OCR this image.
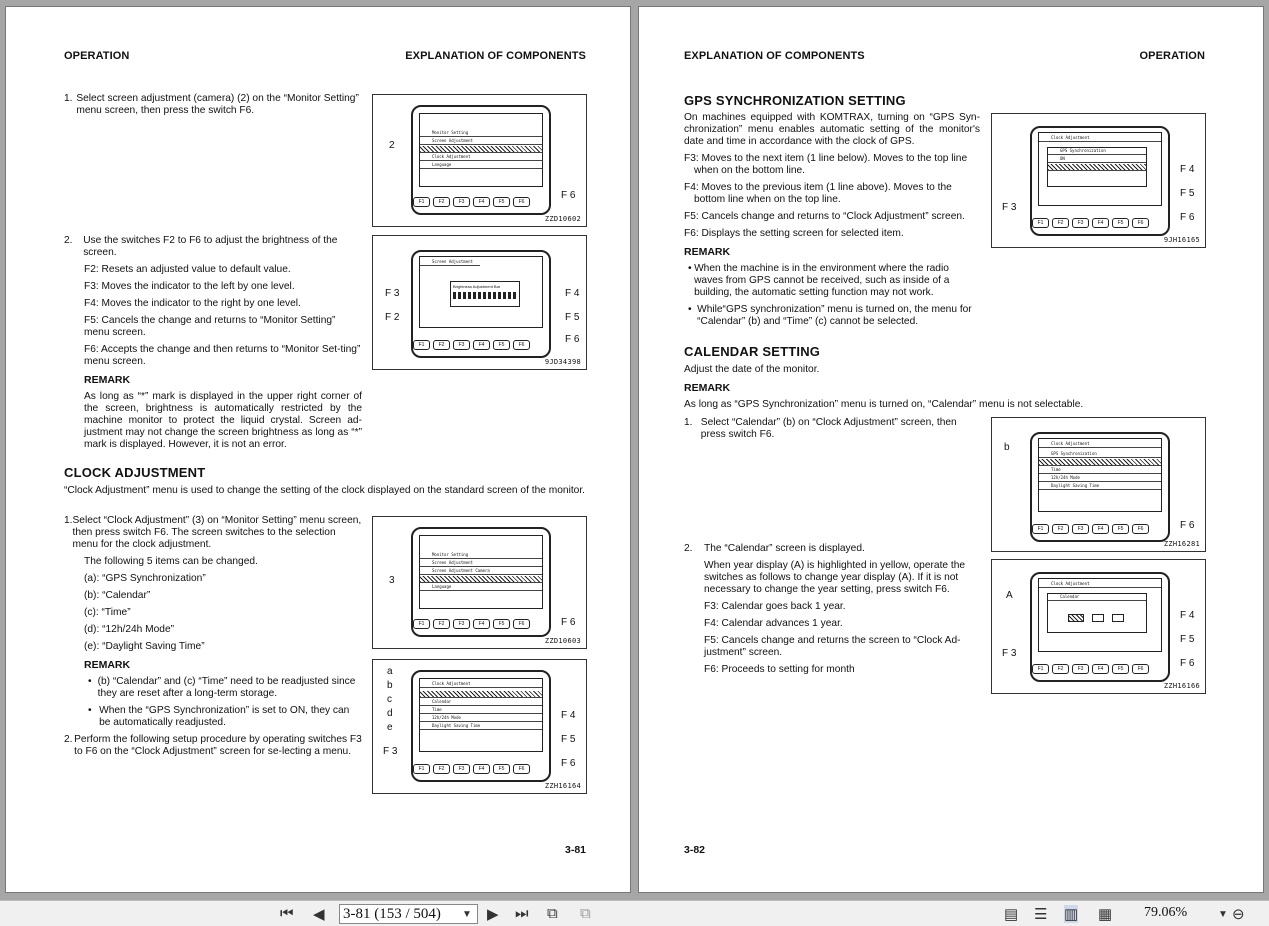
OPERATION	EXPLANATION OF COMPONENTS
1. Select screen adjustment (camera) (2) on the “Monitor Setting” menu screen, then press the switch F6.
2.	Use the switches F2 to F6 to adjust the brightness of the screen.
F2: Resets an adjusted value to default value.
F3: Moves the indicator to the left by one level.
F4: Moves the indicator to the right by one level.
F5: Cancels the change and returns to “Monitor Setting” menu screen.
F6: Accepts the change and then returns to “Monitor Set-ting” menu screen.
REMARK
As long as “*” mark is displayed in the upper right corner of the screen, brightness is automatically restricted by the machine monitor to protect the liquid crystal. Screen ad-justment may not change the screen brightness as long as “*” mark is displayed. However, it is not an error.
CLOCK ADJUSTMENT
“Clock Adjustment” menu is used to change the setting of the clock displayed on the standard screen of the monitor.
1. Select “Clock Adjustment” (3) on “Monitor Setting” menu screen, then press switch F6. The screen switches to the selection menu for the clock adjustment.
The following 5 items can be changed.
(a): “GPS Synchronization”
(b): “Calendar”
(c): “Time”
(d): “12h/24h Mode”
(e): “Daylight Saving Time”
REMARK
• (b) “Calendar” and (c) “Time” need to be readjusted since they are reset after a long-term storage.
• When the “GPS Synchronization” is set to ON, they can be automatically readjusted.
2. Perform the following setup procedure by operating switches F3 to F6 on the “Clock Adjustment” screen for se-lecting a menu.
Monitor Setting
Screen Adjustment
Clock Adjustment
Language
F1	F2	F3	F4	F5	F6
2
F 6
ZZD10602
Screen Adjustment
Brightness Adjustment Bar
F1	F2	F3	F4	F5	F6
F 3
F 2
F 4
F 5
F 6
9JD34398
Monitor Setting
Screen Adjustment
Screen Adjustment Camera
Language
F1	F2	F3	F4	F5	F6
3
F 6
ZZD10603
Clock Adjustment
Calendar
Time
12h/24h Mode
Daylight Saving Time
F1	F2	F3	F4	F5	F6
a
b
c
d
e
F 3
F 4
F 5
F 6
ZZH16164
3-81
EXPLANATION OF COMPONENTS	OPERATION
GPS SYNCHRONIZATION SETTING
On machines equipped with KOMTRAX, turning on “GPS Syn-chronization” menu enables automatic setting of the monitor's date and time in accordance with the clock of GPS.
F3: Moves to the next item (1 line below). Moves to the top line when on the bottom line.
F4: Moves to the previous item (1 line above). Moves to the bottom line when on the top line.
F5: Cancels change and returns to “Clock Adjustment” screen.
F6: Displays the setting screen for selected item.
REMARK
• When the machine is in the environment where the radio waves from GPS cannot be received, such as inside of a building, the automatic setting function may not work.
• While“GPS synchronization” menu is turned on, the menu for “Calendar” (b) and “Time” (c) cannot be selected.
CALENDAR SETTING
Adjust the date of the monitor.
REMARK
As long as “GPS Synchronization” menu is turned on, “Calendar” menu is not selectable.
1. Select “Calendar” (b) on “Clock Adjustment” screen, then press switch F6.
2.	The “Calendar” screen is displayed.
When year display (A) is highlighted in yellow, operate the switches as follows to change year display (A). If it is not necessary to change the year setting, press switch F6.
F3: Calendar goes back 1 year.
F4: Calendar advances 1 year.
F5: Cancels change and returns the screen to “Clock Ad-justment” screen.
F6: Proceeds to setting for month
Clock Adjustment
GPS Synchronization
ON
F1	F2	F3	F4	F5	F6
F 3
F 4
F 5
F 6
9JH16165
Clock Adjustment
GPS Synchronization
Time
12h/24h Mode
Daylight Saving Time
F1	F2	F3	F4	F5	F6
b
F 6
ZZH16281
Clock Adjustment
Calendar
F1	F2	F3	F4	F5	F6
A
F 3
F 4
F 5
F 6
ZZH16166
3-82
⏮ ◀ 3-81 (153 / 504)	▼ ▶ ⏭ ⧉ ⧉	▤ ☰ ▥ ▦ 79.06%	▼ ⊖
